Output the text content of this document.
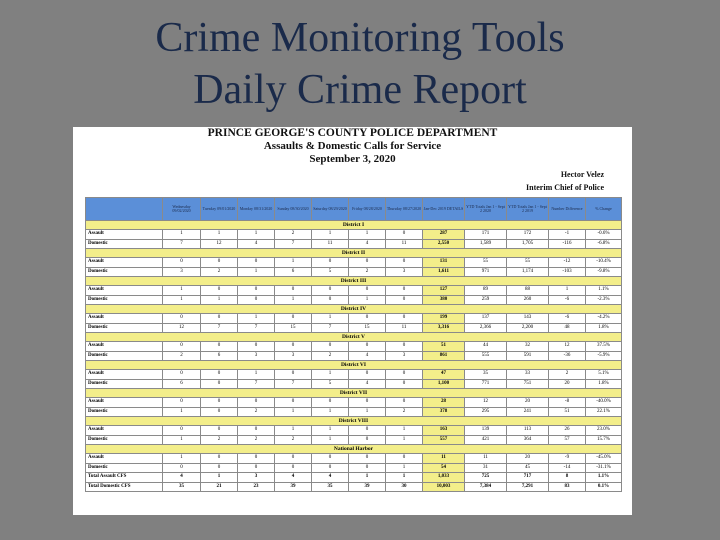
Crime Monitoring Tools
Daily Crime Report
PRINCE GEORGE'S COUNTY POLICE DEPARTMENT
Assaults & Domestic Calls for Service
September 3, 2020
Hector Velez
Interim Chief of Police
	Wednesday 09/02/2020	Tuesday 09/01/2020	Monday 08/31/2020	Sunday 08/30/2020	Saturday 08/29/2020	Friday 08/28/2020	Thursday 08/27/2020	Jan-Dec 2019 DETAILS	YTD Totals Jan 1 - Sept 2 2020	YTD Totals Jan 1 - Sept 2 2019	Number Difference	% Change
District I												
Assault	1	1	1	2	1	1	0	287	171	172	-1	-0.6%
Domestic	7	12	4	7	11	4	11	2,550	1,589	1,705	-116	-6.8%
District II												
Assault	0	0	0	1	0	0	0	131	55	55	-12	-10.4%
Domestic	3	2	1	6	5	2	3	1,611	971	1,174	-103	-9.8%
District III												
Assault	1	0	0	0	0	0	0	127	89	88	1	1.1%
Domestic	1	1	0	1	0	1	0	380	259	260	-6	-2.3%
District IV												
Assault	0	0	1	0	1	0	0	199	137	143	-6	-4.2%
Domestic	12	7	7	15	7	15	11	3,316	2,366	2,200	48	1.8%
District V												
Assault	0	0	0	0	0	0	0	51	44	32	12	37.5%
Domestic	2	6	3	3	2	4	3	861	555	591	-36	-5.9%
District VI												
Assault	0	0	1	0	1	0	0	47	35	33	2	5.1%
Domestic	6	0	7	7	5	4	0	1,100	771	751	20	1.8%
District VII												
Assault	0	0	0	0	0	0	0	28	12	20	-8	-40.0%
Domestic	1	0	2	1	1	1	2	378	295	241	51	22.1%
District VIII												
Assault	0	0	0	1	1	0	1	163	139	113	26	23.0%
Domestic	1	2	2	2	1	0	1	557	421	364	57	15.7%
National Harbor												
Assault	1	0	0	0	0	0	0	11	11	20	-9	-45.0%
Domestic	0	0	0	0	0	0	1	54	31	45	-14	-31.1%
Total Assault CFS	4	1	3	4	4	1	1	1,033	725	717	8	1.1%
Total Domestic CFS	35	21	23	39	35	39	30	10,003	7,384	7,291	83	0.1%
